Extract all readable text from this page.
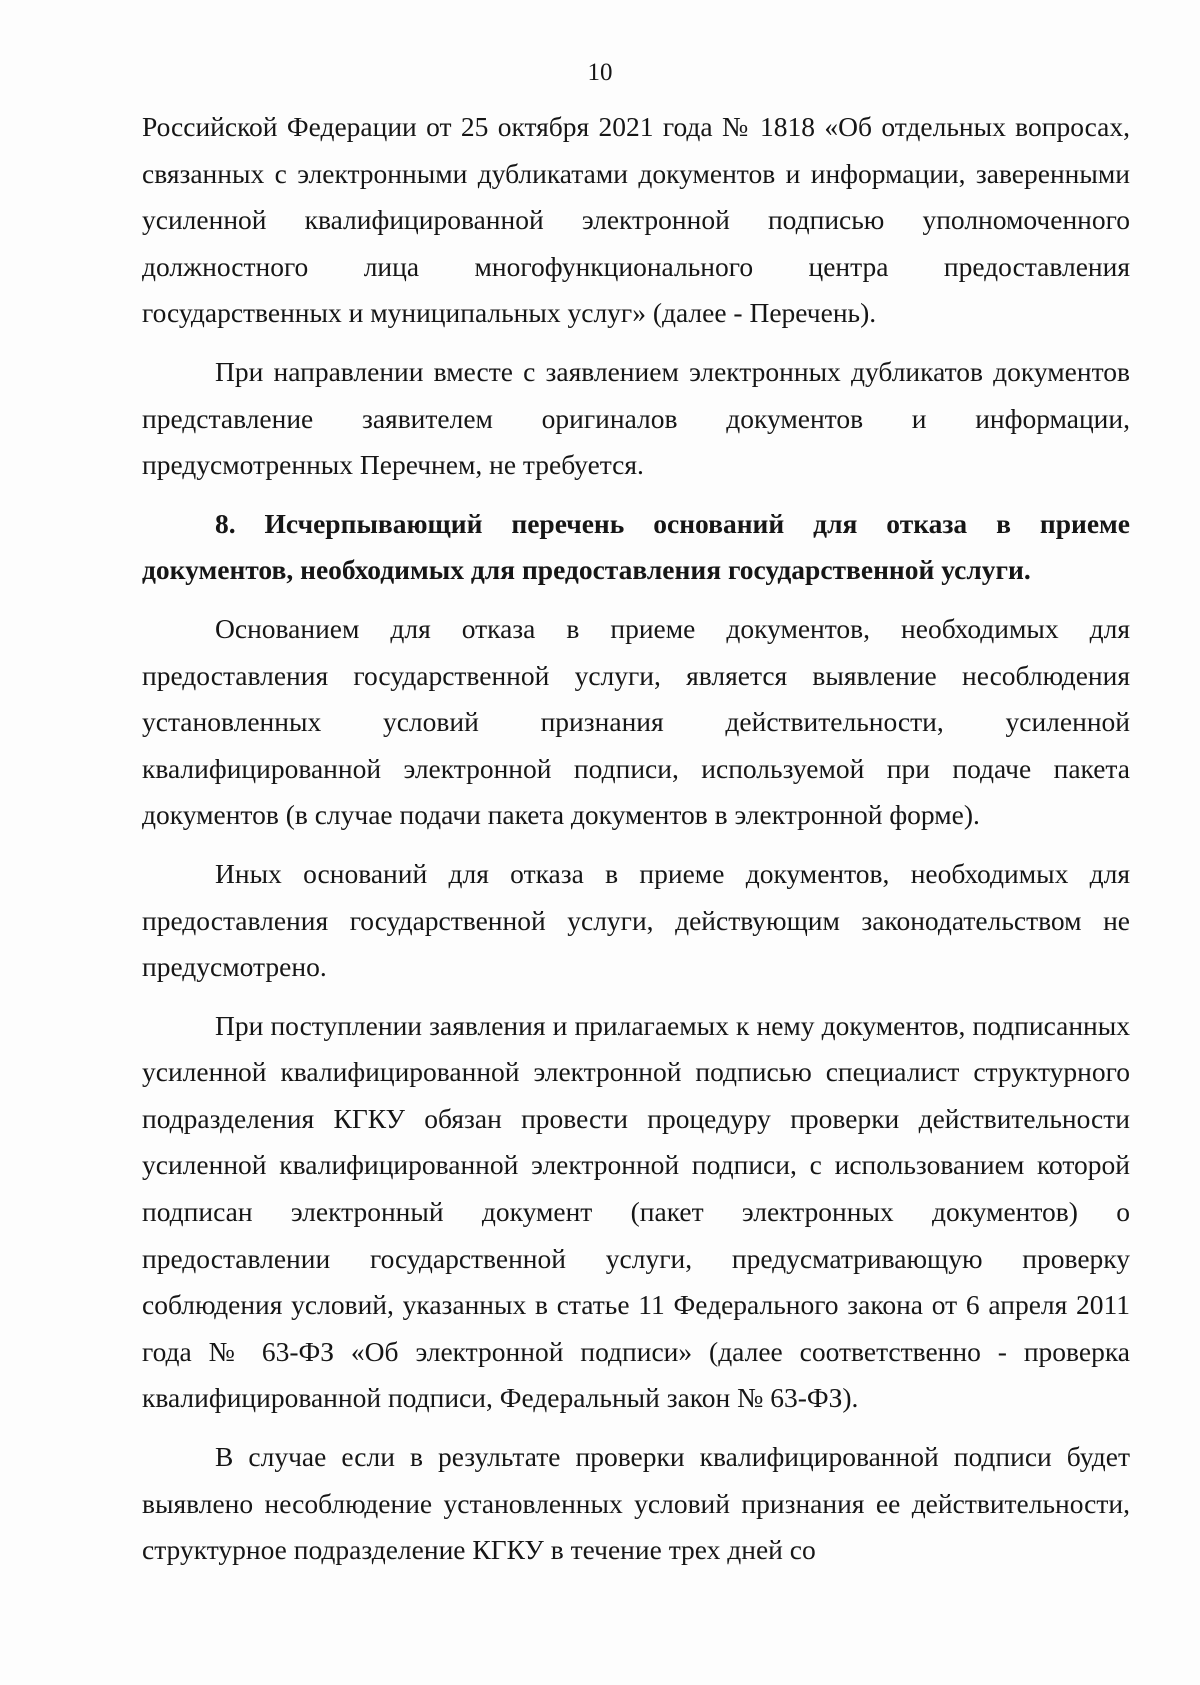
10

Российской Федерации от 25 октября 2021 года № 1818 «Об отдельных вопросах, связанных с электронными дубликатами документов и информации, заверенными усиленной квалифицированной электронной подписью уполномоченного должностного лица многофункционального центра предоставления государственных и муниципальных услуг» (далее - Перечень).

При направлении вместе с заявлением электронных дубликатов документов представление заявителем оригиналов документов и информации, предусмотренных Перечнем, не требуется.

8. Исчерпывающий перечень оснований для отказа в приеме документов, необходимых для предоставления государственной услуги.

Основанием для отказа в приеме документов, необходимых для предоставления государственной услуги, является выявление несоблюдения установленных условий признания действительности, усиленной квалифицированной электронной подписи, используемой при подаче пакета документов (в случае подачи пакета документов в электронной форме).

Иных оснований для отказа в приеме документов, необходимых для предоставления государственной услуги, действующим законодательством не предусмотрено.

При поступлении заявления и прилагаемых к нему документов, подписанных усиленной квалифицированной электронной подписью специалист структурного подразделения КГКУ обязан провести процедуру проверки действительности усиленной квалифицированной электронной подписи, с использованием которой подписан электронный документ (пакет электронных документов) о предоставлении государственной услуги, предусматривающую проверку соблюдения условий, указанных в статье 11 Федерального закона от 6 апреля 2011 года № 63-ФЗ «Об электронной подписи» (далее соответственно - проверка квалифицированной подписи, Федеральный закон № 63-ФЗ).

В случае если в результате проверки квалифицированной подписи будет выявлено несоблюдение установленных условий признания ее действительности, структурное подразделение КГКУ в течение трех дней со
